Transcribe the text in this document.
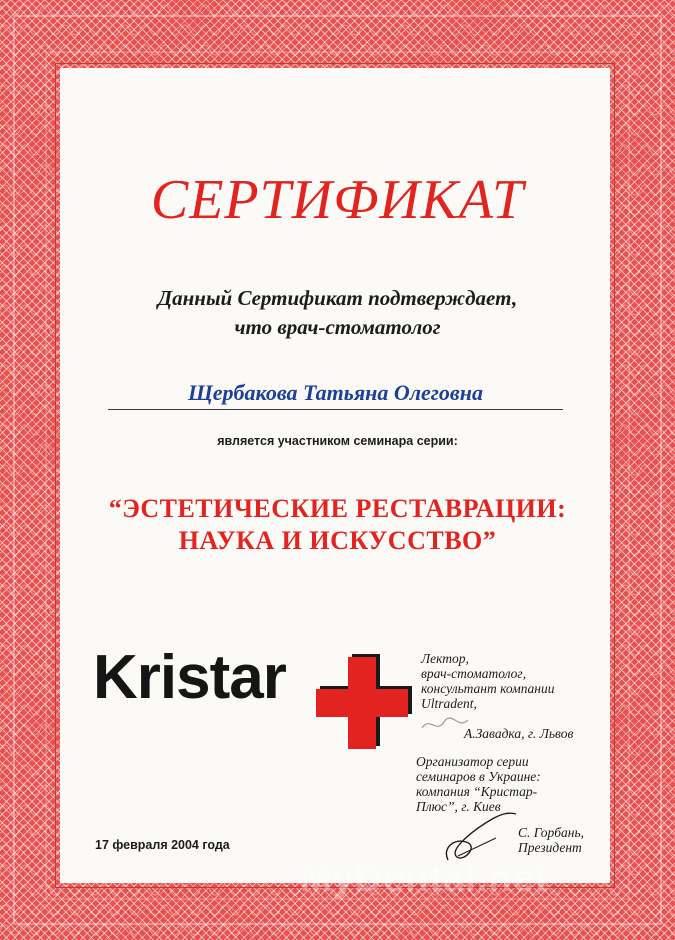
СЕРТИФИКАТ
Данный Сертификат подтверждает,
что врач-стоматолог
Щербакова Татьяна Олеговна
является участником семинара серии:
“ЭСТЕТИЧЕСКИЕ РЕСТАВРАЦИИ:
НАУКА И ИСКУССТВО”
Kristar	Лектор,
врач-стоматолог,
консультант компании
Ultradent,
А.Завадка, г. Львов
Организатор серии
семинаров в Украине:
компания “Кристар-
Плюс”, г. Киев
С. Горбань,
Президент
17 февраля 2004 года
MyDental.net
